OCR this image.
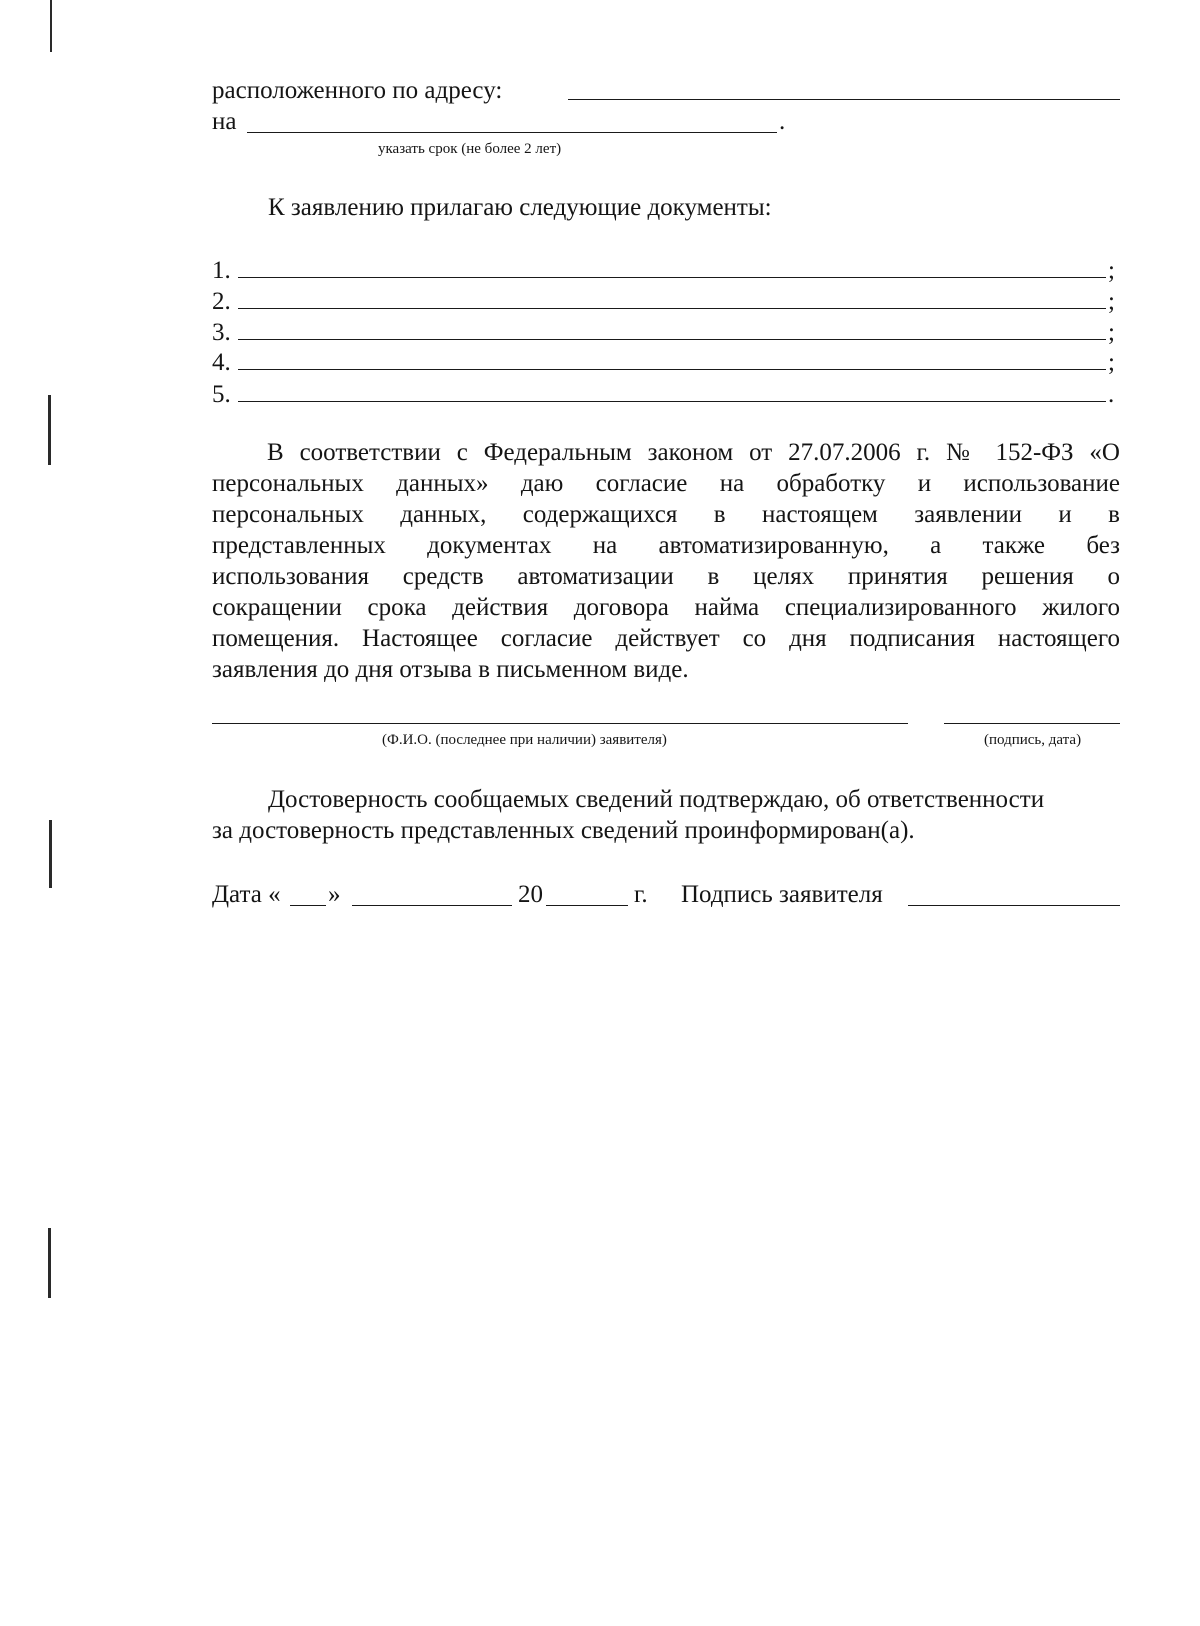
расположенного по адресу:
на	.
указать срок (не более 2 лет)
К заявлению прилагаю следующие документы:
1.	;
2.	;
3.	;
4.	;
5.	.
В соответствии с Федеральным законом от 27.07.2006 г. № 152-ФЗ «О
персональных данных» даю согласие на обработку и использование
персональных данных, содержащихся в настоящем заявлении и в
представленных документах на автоматизированную, а также без
использования средств автоматизации в целях принятия решения о
сокращении срока действия договора найма специализированного жилого
помещения. Настоящее согласие действует со дня подписания настоящего
заявления до дня отзыва в письменном виде.
(Ф.И.О. (последнее при наличии) заявителя)	(подпись, дата)
Достоверность сообщаемых сведений подтверждаю, об ответственности
за достоверность представленных сведений проинформирован(а).
Дата « »	20	г. Подпись заявителя
